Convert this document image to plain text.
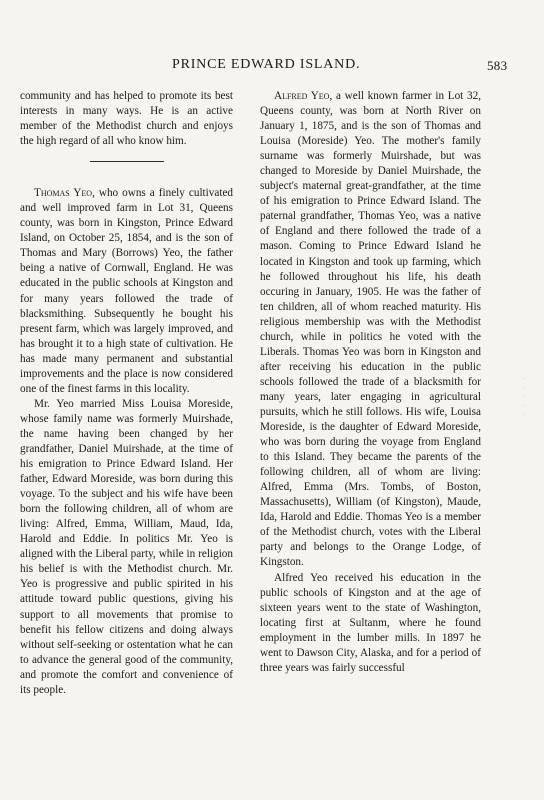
PRINCE EDWARD ISLAND.	583

community and has helped to promote its best interests in many ways. He is an active member of the Methodist church and enjoys the high regard of all who know him.

Thomas Yeo, who owns a finely cultivated and well improved farm in Lot 31, Queens county, was born in Kingston, Prince Edward Island, on October 25, 1854, and is the son of Thomas and Mary (Borrows) Yeo, the father being a native of Cornwall, England. He was educated in the public schools at Kingston and for many years followed the trade of blacksmithing. Subsequently he bought his present farm, which was largely improved, and has brought it to a high state of cultivation. He has made many permanent and substantial improvements and the place is now considered one of the finest farms in this locality.

Mr. Yeo married Miss Louisa Moreside, whose family name was formerly Muirshade, the name having been changed by her grandfather, Daniel Muirshade, at the time of his emigration to Prince Edward Island. Her father, Edward Moreside, was born during this voyage. To the subject and his wife have been born the following children, all of whom are living: Alfred, Emma, William, Maud, Ida, Harold and Eddie. In politics Mr. Yeo is aligned with the Liberal party, while in religion his belief is with the Methodist church. Mr. Yeo is progressive and public spirited in his attitude toward public questions, giving his support to all movements that promise to benefit his fellow citizens and doing always without self-seeking or ostentation what he can to advance the general good of the community, and promote the comfort and convenience of its people.

Alfred Yeo, a well known farmer in Lot 32, Queens county, was born at North River on January 1, 1875, and is the son of Thomas and Louisa (Moreside) Yeo. The mother's family surname was formerly Muirshade, but was changed to Moreside by Daniel Muirshade, the subject's maternal great-grandfather, at the time of his emigration to Prince Edward Island. The paternal grandfather, Thomas Yeo, was a native of England and there followed the trade of a mason. Coming to Prince Edward Island he located in Kingston and took up farming, which he followed throughout his life, his death occuring in January, 1905. He was the father of ten children, all of whom reached maturity. His religious membership was with the Methodist church, while in politics he voted with the Liberals. Thomas Yeo was born in Kingston and after receiving his education in the public schools followed the trade of a blacksmith for many years, later engaging in agricultural pursuits, which he still follows. His wife, Louisa Moreside, is the daughter of Edward Moreside, who was born during the voyage from England to this Island. They became the parents of the following children, all of whom are living: Alfred, Emma (Mrs. Tombs, of Boston, Massachusetts), William (of Kingston), Maude, Ida, Harold and Eddie. Thomas Yeo is a member of the Methodist church, votes with the Liberal party and belongs to the Orange Lodge, of Kingston.

Alfred Yeo received his education in the public schools of Kingston and at the age of sixteen years went to the state of Washington, locating first at Sultanm, where he found employment in the lumber mills. In 1897 he went to Dawson City, Alaska, and for a period of three years was fairly successful

·
·
·
·
·
